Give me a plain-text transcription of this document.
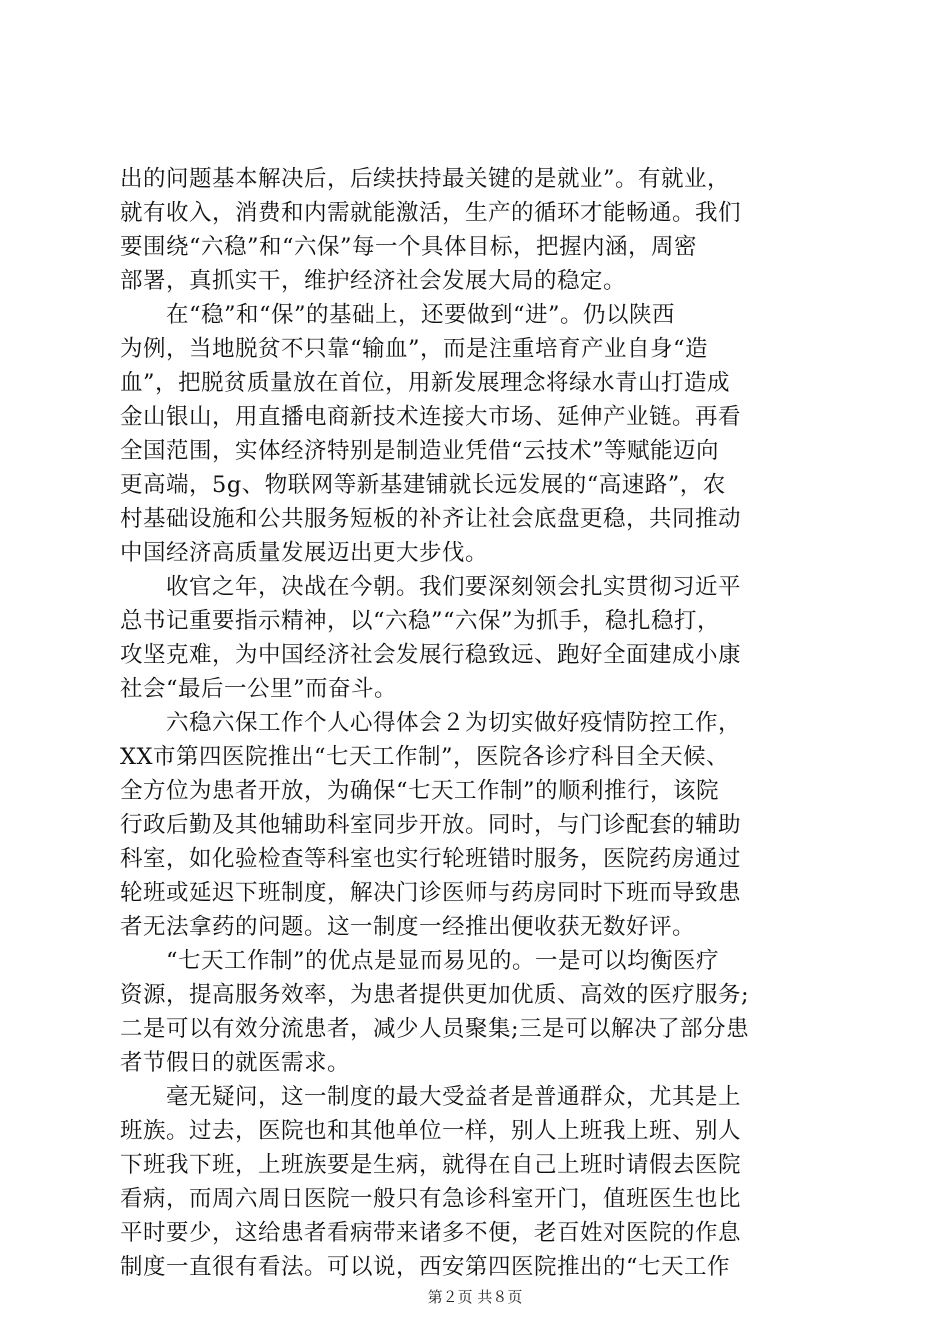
出的问题基本解决后，后续扶持最关键的是就业”。有就业，
就有收入，消费和内需就能激活，生产的循环才能畅通。我们
要围绕“六稳”和“六保”每一个具体目标，把握内涵，周密
部署，真抓实干，维护经济社会发展大局的稳定。
　　在“稳”和“保”的基础上，还要做到“进”。仍以陕西
为例，当地脱贫不只靠“输血”，而是注重培育产业自身“造
血”，把脱贫质量放在首位，用新发展理念将绿水青山打造成
金山银山，用直播电商新技术连接大市场、延伸产业链。再看
全国范围，实体经济特别是制造业凭借“云技术”等赋能迈向
更高端，5g、物联网等新基建铺就长远发展的“高速路”，农
村基础设施和公共服务短板的补齐让社会底盘更稳，共同推动
中国经济高质量发展迈出更大步伐。
　　收官之年，决战在今朝。我们要深刻领会扎实贯彻习近平
总书记重要指示精神，以“六稳”“六保”为抓手，稳扎稳打，
攻坚克难，为中国经济社会发展行稳致远、跑好全面建成小康
社会“最后一公里”而奋斗。
　　六稳六保工作个人心得体会２为切实做好疫情防控工作，
XX市第四医院推出“七天工作制”，医院各诊疗科目全天候、
全方位为患者开放，为确保“七天工作制”的顺利推行，该院
行政后勤及其他辅助科室同步开放。同时，与门诊配套的辅助
科室，如化验检查等科室也实行轮班错时服务，医院药房通过
轮班或延迟下班制度，解决门诊医师与药房同时下班而导致患
者无法拿药的问题。这一制度一经推出便收获无数好评。
　　“七天工作制”的优点是显而易见的。一是可以均衡医疗
资源，提高服务效率，为患者提供更加优质、高效的医疗服务;
二是可以有效分流患者，减少人员聚集;三是可以解决了部分患
者节假日的就医需求。
　　毫无疑问，这一制度的最大受益者是普通群众，尤其是上
班族。过去，医院也和其他单位一样，别人上班我上班、别人
下班我下班，上班族要是生病，就得在自己上班时请假去医院
看病，而周六周日医院一般只有急诊科室开门，值班医生也比
平时要少，这给患者看病带来诸多不便，老百姓对医院的作息
制度一直很有看法。可以说，西安第四医院推出的“七天工作
第２页 共８页
